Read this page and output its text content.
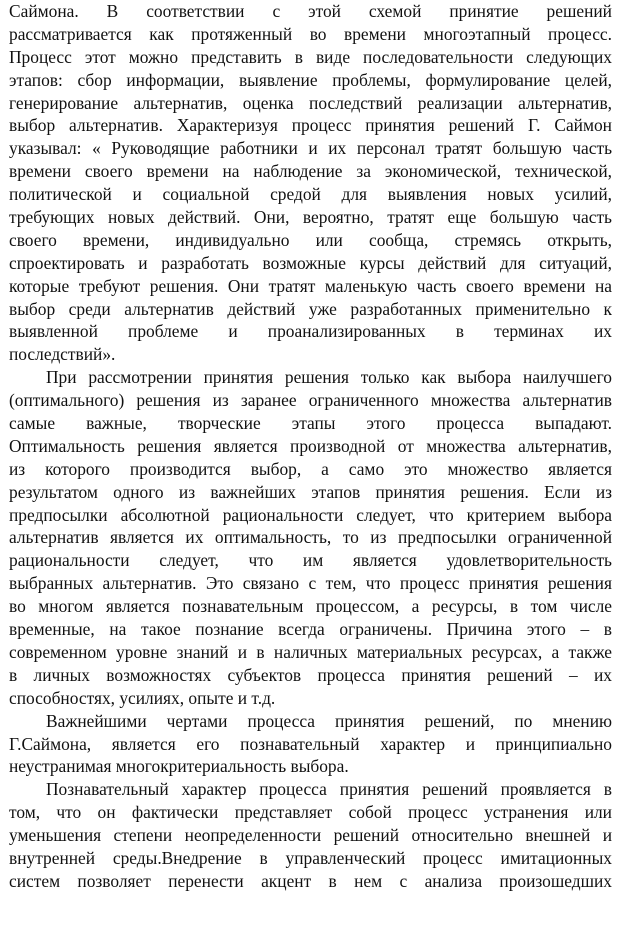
Саймона. В соответствии с этой схемой принятие решений
рассматривается как протяженный во времени многоэтапный процесс.
Процесс этот можно представить в виде последовательности следующих
этапов: сбор информации, выявление проблемы, формулирование целей,
генерирование альтернатив, оценка последствий реализации альтернатив,
выбор альтернатив. Характеризуя процесс принятия решений Г. Саймон
указывал: « Руководящие работники и их персонал тратят большую часть
времени своего времени на наблюдение за экономической, технической,
политической и социальной средой для выявления новых усилий,
требующих новых действий. Они, вероятно, тратят еще большую часть
своего времени, индивидуально или сообща, стремясь открыть,
спроектировать и разработать возможные курсы действий для ситуаций,
которые требуют решения. Они тратят маленькую часть своего времени на
выбор среди альтернатив действий уже разработанных применительно к
выявленной проблеме и проанализированных в терминах их
последствий».
При рассмотрении принятия решения только как выбора наилучшего
(оптимального) решения из заранее ограниченного множества альтернатив
самые важные, творческие этапы этого процесса выпадают.
Оптимальность решения является производной от множества альтернатив,
из которого производится выбор, а само это множество является
результатом одного из важнейших этапов принятия решения. Если из
предпосылки абсолютной рациональности следует, что критерием выбора
альтернатив является их оптимальность, то из предпосылки ограниченной
рациональности следует, что им является удовлетворительность
выбранных альтернатив. Это связано с тем, что процесс принятия решения
во многом является познавательным процессом, а ресурсы, в том числе
временные, на такое познание всегда ограничены. Причина этого – в
современном уровне знаний и в наличных материальных ресурсах, а также
в личных возможностях субъектов процесса принятия решений – их
способностях, усилиях, опыте и т.д.
Важнейшими чертами процесса принятия решений, по мнению
Г.Саймона, является его познавательный характер и принципиально
неустранимая многокритериальность выбора.
Познавательный характер процесса принятия решений проявляется в
том, что он фактически представляет собой процесс устранения или
уменьшения степени неопределенности решений относительно внешней и
внутренней среды.Внедрение в управленческий процесс имитационных
систем позволяет перенести акцент в нем с анализа произошедших
